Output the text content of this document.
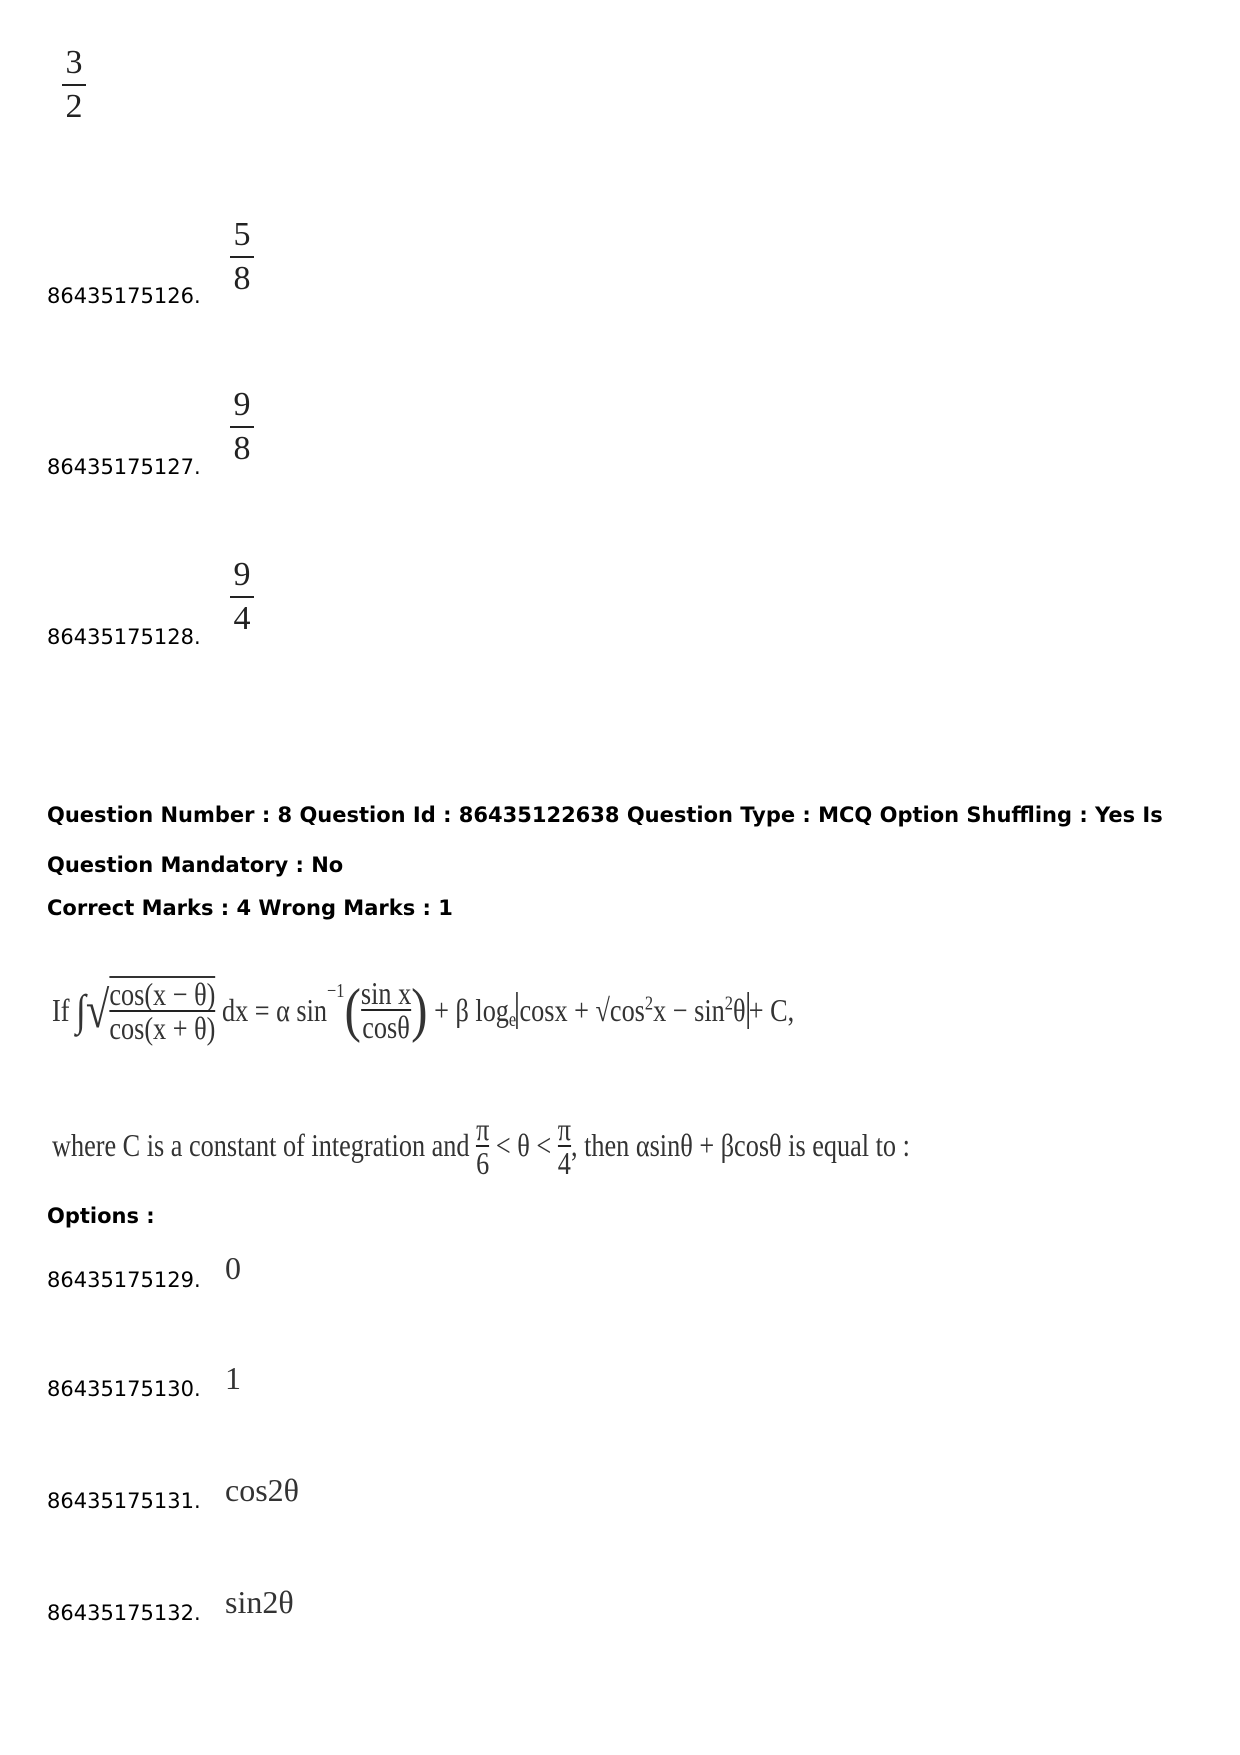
3
2
86435175126.
5
8
86435175127.
9
8
86435175128.
9
4
Question Number : 8 Question Id : 86435122638 Question Type : MCQ Option Shuffling : Yes Is Question Mandatory : No
Correct Marks : 4 Wrong Marks : 1
If
∫ √ cos(x − θ)
cos(x + θ)

dx = α sin
$^{-1}$ ( sin x
cosθ )
+ β $\log_e \cos x + √\cos^2x - \sin^2\theta + C$,
where C is a constant of integration and
π
6
< θ <
π
4 , then αsinθ + βcosθ is equal to :
Options :
86435175129. 0
86435175130. 1
86435175131. cos2θ
86435175132. sin2θ
